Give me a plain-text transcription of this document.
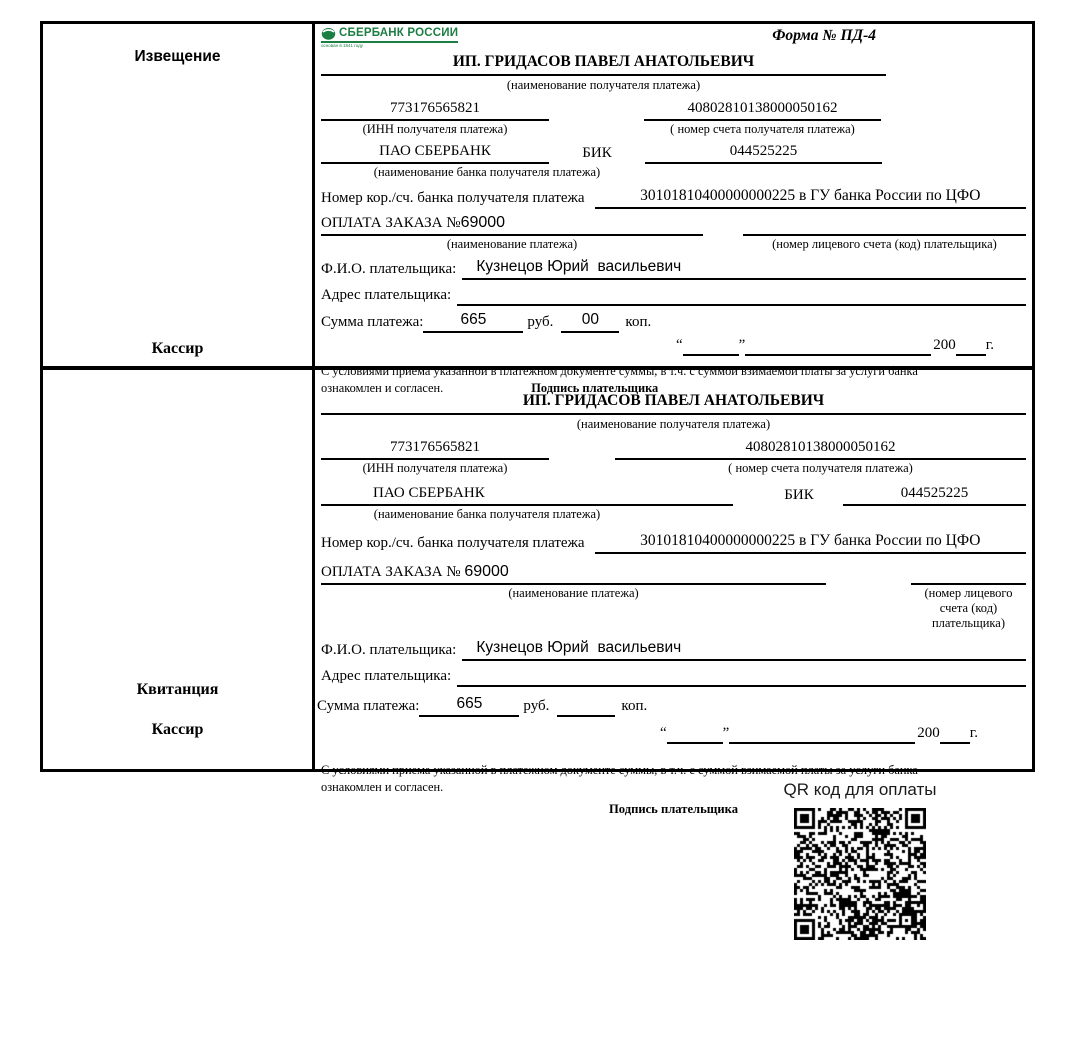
Извещение
Кассир
СБЕРБАНК РОССИИ
основан в 1841 году
Форма № ПД-4
ИП. ГРИДАСОВ ПАВЕЛ АНАТОЛЬЕВИЧ
(наименование получателя платежа)
773176565821	40802810138000050162
(ИНН получателя платежа)	( номер счета получателя платежа)
ПАО СБЕРБАНК	БИК	044525225
(наименование банка получателя платежа)
Номер кор./сч. банка получателя платежа	30101810400000000225 в ГУ банка России по ЦФО
ОПЛАТА ЗАКАЗА №69000
(наименование платежа)	(номер лицевого счета (код) плательщика)
Ф.И.О. плательщика:	Кузнецов Юрий  васильевич
Адрес плательщика:
Сумма платежа:	665	руб.	00	коп.
“	”	200 г.
С условиями приема указанной в платежном документе суммы, в т.ч. с суммой взимаемой платы за услуги банка
ознакомлен и согласен.	Подпись плательщика
Квитанция
Кассир
ИП. ГРИДАСОВ ПАВЕЛ АНАТОЛЬЕВИЧ
(наименование получателя платежа)
773176565821	40802810138000050162
(ИНН получателя платежа)	( номер счета получателя платежа)
ПАО СБЕРБАНК	БИК	044525225
(наименование банка получателя платежа)
Номер кор./сч. банка получателя платежа	30101810400000000225 в ГУ банка России по ЦФО
ОПЛАТА ЗАКАЗА № 69000
(наименование платежа)	(номер лицевого счета (код) плательщика)
Ф.И.О. плательщика:	Кузнецов Юрий  васильевич
Адрес плательщика:
Сумма платежа:	665	руб.	коп.
“	”	200 г.
С условиями приема указанной в платежном документе суммы, в т.ч. с суммой взимаемой платы за услуги банка
ознакомлен и согласен.
Подпись плательщика
QR код для оплаты
